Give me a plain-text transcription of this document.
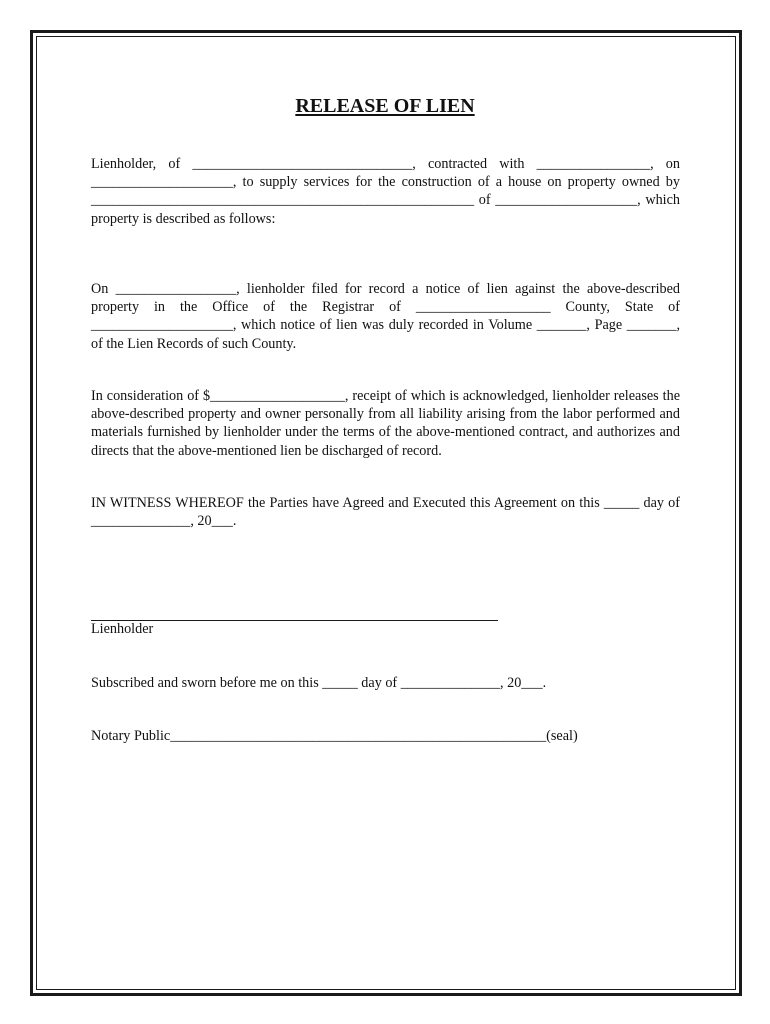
RELEASE OF LIEN

Lienholder, of _______________________________, contracted with ________________, on ____________________, to supply services for the construction of a house on property owned by ______________________________________________________ of ____________________, which property is described as follows:

On _________________, lienholder filed for record a notice of lien against the above-described property in the Office of the Registrar of ___________________ County, State of ____________________, which notice of lien was duly recorded in Volume _______, Page _______, of the Lien Records of such County.

In consideration of $___________________, receipt of which is acknowledged, lienholder releases the above-described property and owner personally from all liability arising from the labor performed and materials furnished by lienholder under the terms of the above-mentioned contract, and authorizes and directs that the above-mentioned lien be discharged of record.

IN WITNESS WHEREOF the Parties have Agreed and Executed this Agreement on this _____ day of ______________, 20___.

Lienholder

Subscribed and sworn before me on this _____ day of ______________, 20___.

Notary Public_____________________________________________________(seal)
